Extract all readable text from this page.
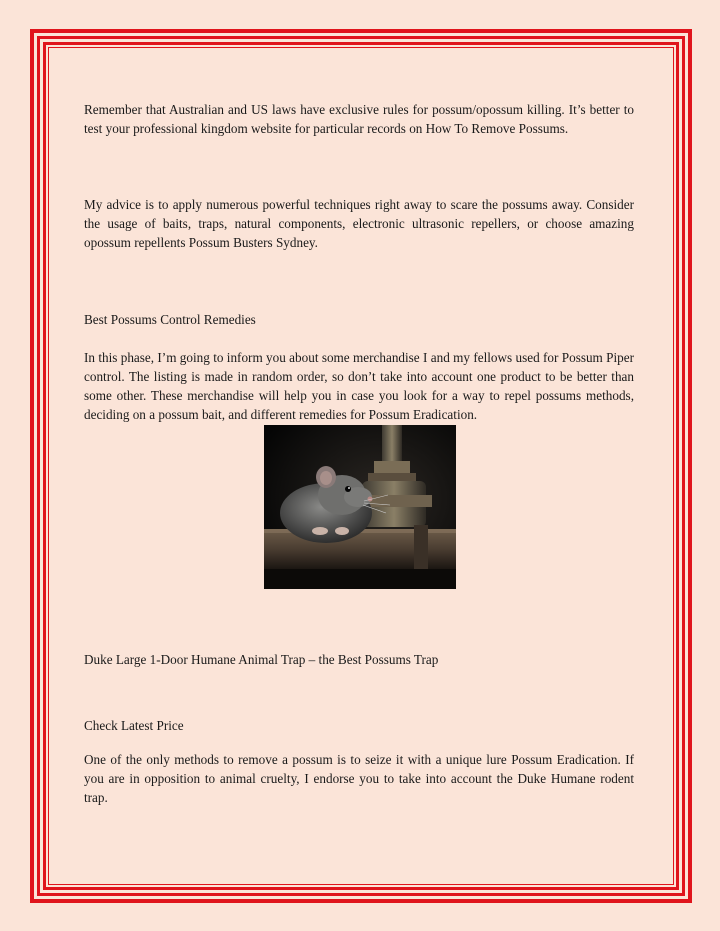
Remember that Australian and US laws have exclusive rules for possum/opossum killing. It’s better to test your professional kingdom website for particular records on How To Remove Possums.

My advice is to apply numerous powerful techniques right away to scare the possums away. Consider the usage of baits, traps, natural components, electronic ultrasonic repellers, or choose amazing opossum repellents Possum Busters Sydney.

Best Possums Control Remedies

In this phase, I’m going to inform you about some merchandise I and my fellows used for Possum Piper control. The listing is made in random order, so don’t take into account one product to be better than some other. These merchandise will help you in case you look for a way to repel possums methods, deciding on a possum bait, and different remedies for Possum Eradication.

Duke Large 1-Door Humane Animal Trap – the Best Possums Trap

Check Latest Price

One of the only methods to remove a possum is to seize it with a unique lure Possum Eradication. If you are in opposition to animal cruelty, I endorse you to take into account the Duke Humane rodent trap.
